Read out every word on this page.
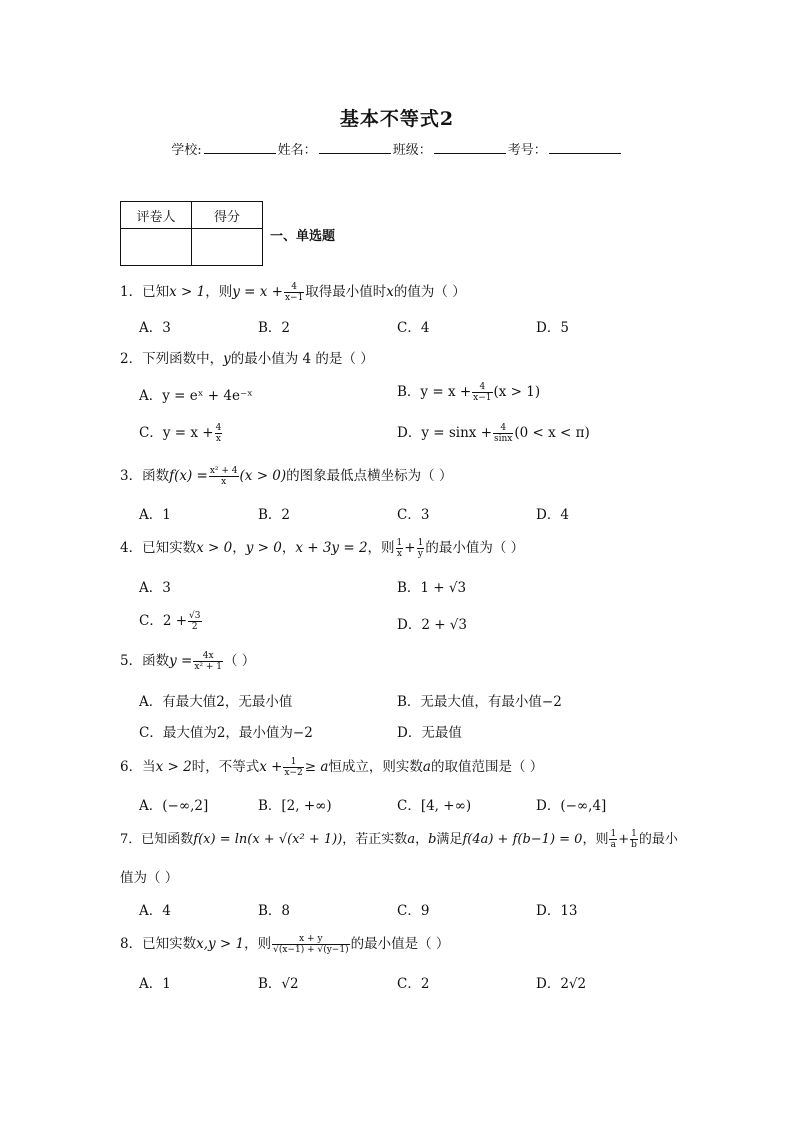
基本不等式2
学校:	姓名：	班级：	考号：
评卷人	得分

一、单选题
1．已知x > 1，则$y = x + \frac{4}{x-1}$ 取得最小值时x的值为（ ）
A．3	B．2	C．4	D．5
2．下列函数中，y的最小值为 4 的是（ ）
A．y = eˣ + 4e⁻ˣ	B．$y = x + \frac{4}{x-1} (x > 1)$
C．$y = x + \frac{4}{x}$	D．$y = \sin x + \frac{4}{\sin x} (0 < x < \pi)$
3．函数$f(x) = \frac{\text{x² + 4}}{x} (x > 0)$的图象最低点横坐标为（ ）
A．1	B．2	C．3	D．4
4．已知实数x > 0，y > 0，x + 3y = 2，则 $\frac{1}{x} + \frac{1}{y}$ 的最小值为（ ）
A．3	B．1 + √3
C．$2 + \frac{√3}{2}$	D．2 + √3
5．函数$y = \frac{4x}{\text{x² + 1}}$ （ ）
A．有最大值2，无最小值	B．无最大值，有最小值−2
C．最大值为2，最小值为−2	D．无最值
6．当x > 2时，不等式$x + \frac{1}{x-2} \ge a$恒成立，则实数a的取值范围是（ ）
A．(−∞,2]	B．[2, +∞)	C．[4, +∞)	D．(−∞,4]
7．已知函数f(x) = ln(x + √(x² + 1))，若正实数a，b满足f(4a) + f(b−1) = 0，则 $\frac{1}{a} + \frac{1}{b}$ 的最小
值为（ ）
A．4	B．8	C．9	D．13
8．已知实数x,y > 1，则 $\frac{x + y}{√(x-1) + √(y-1)}$ 的最小值是（ ）
A．1	B．√2	C．2	D．2√2
